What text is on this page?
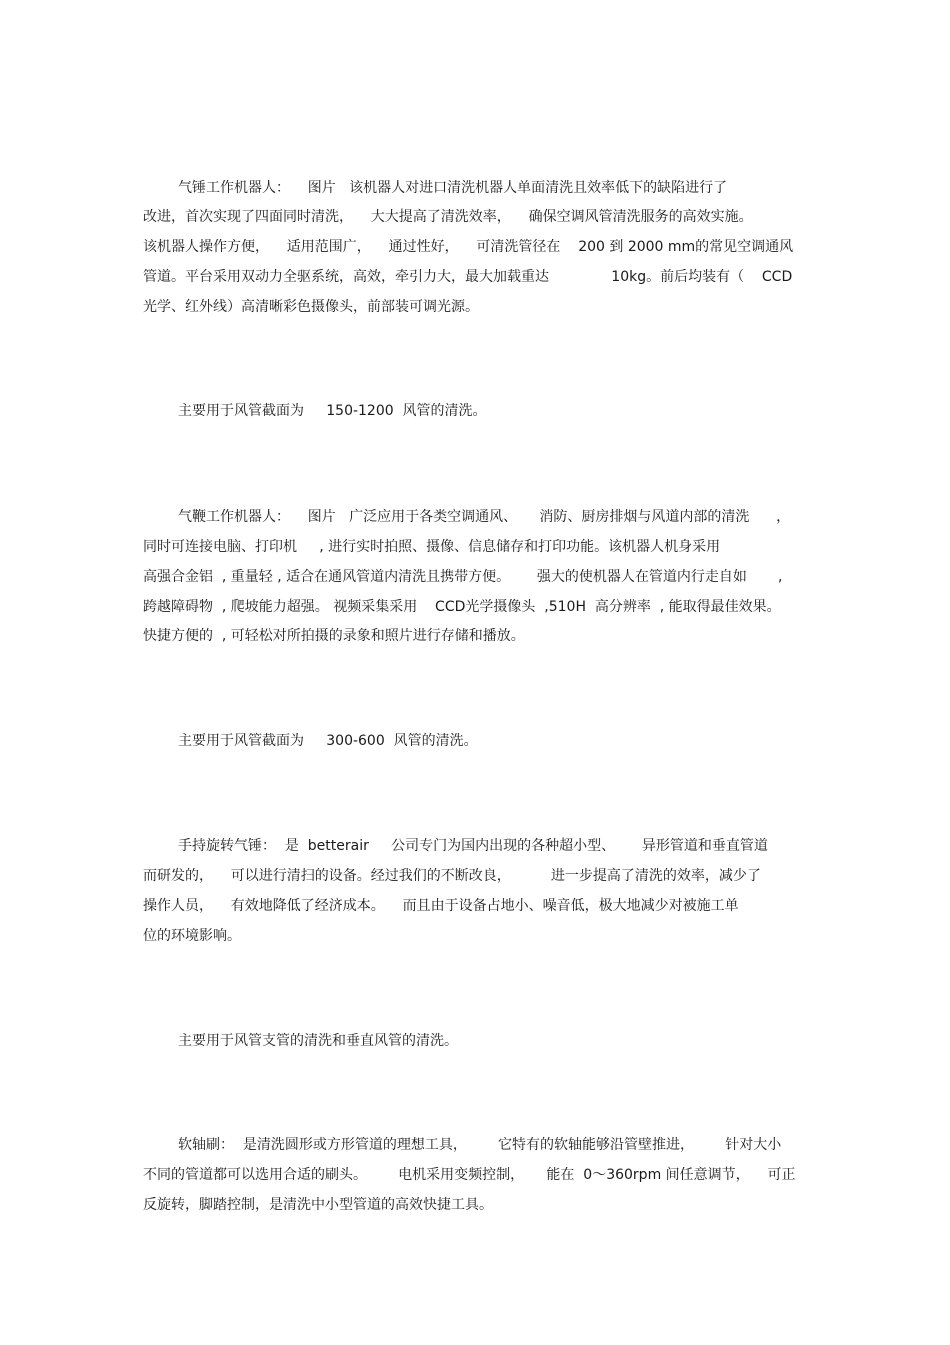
气锤工作机器人：    图片   该机器人对进口清洗机器人单面清洗且效率低下的缺陷进行了
改进，首次实现了四面同时清洗，    大大提高了清洗效率，    确保空调风管清洗服务的高效实施。
该机器人操作方便，    适用范围广，    通过性好，    可清洗管径在    200 到 2000 mm的常见空调通风
管道。平台采用双动力全驱系统，高效，牵引力大，最大加载重达              10kg。前后均装有（    CCD
光学、红外线）高清晰彩色摄像头，前部装可调光源。
主要用于风管截面为     150-1200  风管的清洗。
气鞭工作机器人：    图片   广泛应用于各类空调通风、     消防、厨房排烟与风道内部的清洗      ，
同时可连接电脑、打印机     , 进行实时拍照、摄像、信息储存和打印功能。该机器人机身采用
高强合金铝  , 重量轻 , 适合在通风管道内清洗且携带方便。      强大的使机器人在管道内行走自如       ,
跨越障碍物  , 爬坡能力超强。 视频采集采用    CCD光学摄像头  ,510H  高分辨率  , 能取得最佳效果。
快捷方便的  , 可轻松对所拍摄的录象和照片进行存储和播放。
主要用于风管截面为     300-600  风管的清洗。
手持旋转气锤：  是  betterair     公司专门为国内出现的各种超小型、      异形管道和垂直管道
而研发的，    可以进行清扫的设备。经过我们的不断改良，         进一步提高了清洗的效率，减少了
操作人员，    有效地降低了经济成本。    而且由于设备占地小、噪音低，极大地减少对被施工单
位的环境影响。
主要用于风管支管的清洗和垂直风管的清洗。
软轴刷：  是清洗圆形或方形管道的理想工具，       它特有的软轴能够沿管壁推进，       针对大小
不同的管道都可以选用合适的刷头。       电机采用变频控制，     能在  0～360rpm 间任意调节，    可正
反旋转，脚踏控制，是清洗中小型管道的高效快捷工具。
